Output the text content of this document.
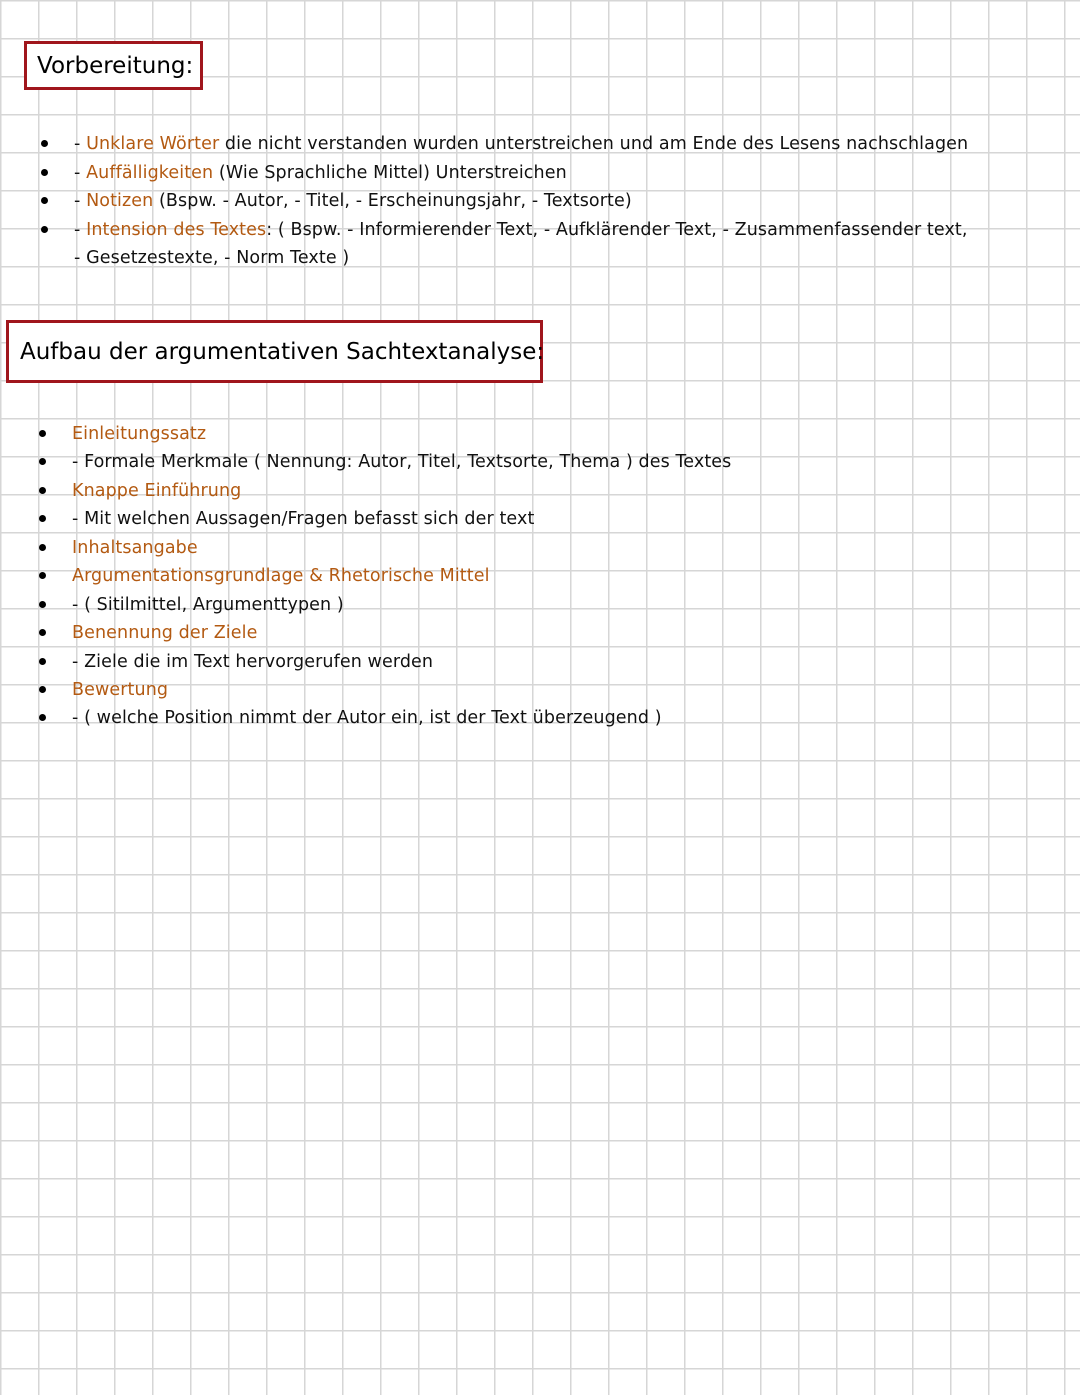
Vorbereitung:
- Unklare Wörter die nicht verstanden wurden unterstreichen und am Ende des Lesens nachschlagen
- Auffälligkeiten (Wie Sprachliche Mittel) Unterstreichen
- Notizen (Bspw. - Autor, - Titel, - Erscheinungsjahr, - Textsorte)
- Intension des Textes: ( Bspw. - Informierender Text, - Aufklärender Text, - Zusammenfassender text,
- Gesetzestexte, - Norm Texte )
Aufbau der argumentativen Sachtextanalyse:
Einleitungssatz
- Formale Merkmale ( Nennung: Autor, Titel, Textsorte, Thema ) des Textes
Knappe Einführung
- Mit welchen Aussagen/Fragen befasst sich der text
Inhaltsangabe
Argumentationsgrundlage & Rhetorische Mittel
- ( Sitilmittel, Argumenttypen )
Benennung der Ziele
- Ziele die im Text hervorgerufen werden
Bewertung
- ( welche Position nimmt der Autor ein, ist der Text überzeugend )
